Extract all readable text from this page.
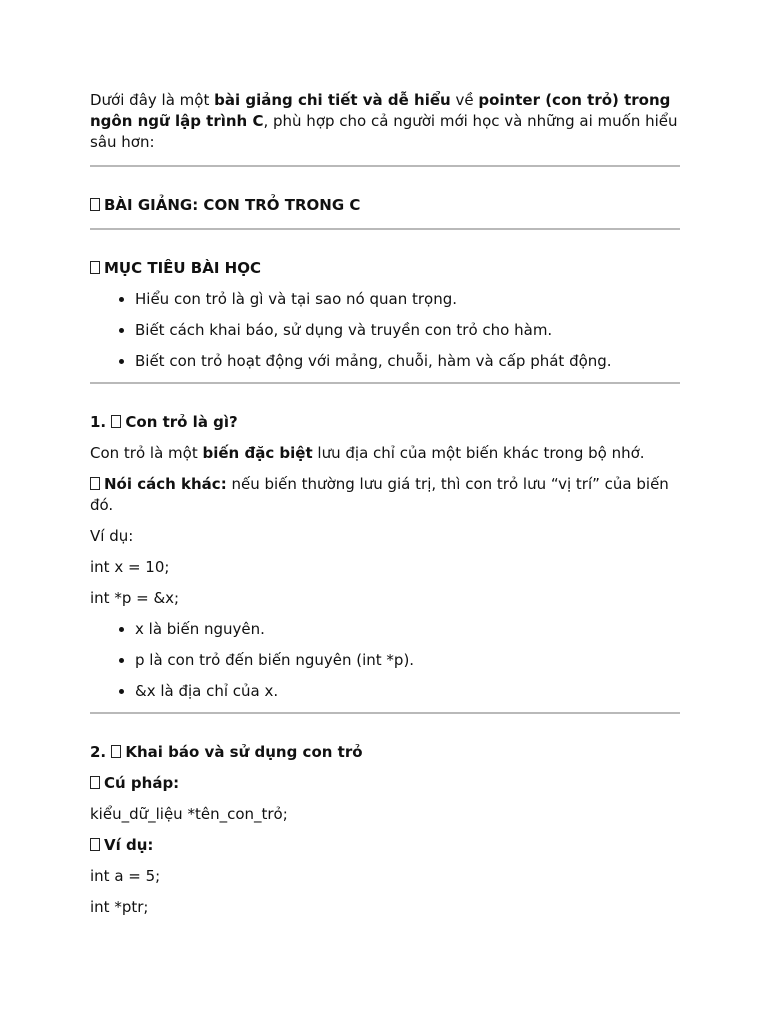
Dưới đây là một bài giảng chi tiết và dễ hiểu về pointer (con trỏ) trong ngôn ngữ lập trình C, phù hợp cho cả người mới học và những ai muốn hiểu sâu hơn:

BÀI GIẢNG: CON TRỎ TRONG C

MỤC TIÊU BÀI HỌC

• Hiểu con trỏ là gì và tại sao nó quan trọng.
• Biết cách khai báo, sử dụng và truyền con trỏ cho hàm.
• Biết con trỏ hoạt động với mảng, chuỗi, hàm và cấp phát động.

1. Con trỏ là gì?

Con trỏ là một biến đặc biệt lưu địa chỉ của một biến khác trong bộ nhớ.

Nói cách khác: nếu biến thường lưu giá trị, thì con trỏ lưu “vị trí” của biến đó.

Ví dụ:

int x = 10;

int *p = &x;

• x là biến nguyên.
• p là con trỏ đến biến nguyên (int *p).
• &x là địa chỉ của x.

2. Khai báo và sử dụng con trỏ

Cú pháp:

kiểu_dữ_liệu *tên_con_trỏ;

Ví dụ:

int a = 5;

int *ptr;
